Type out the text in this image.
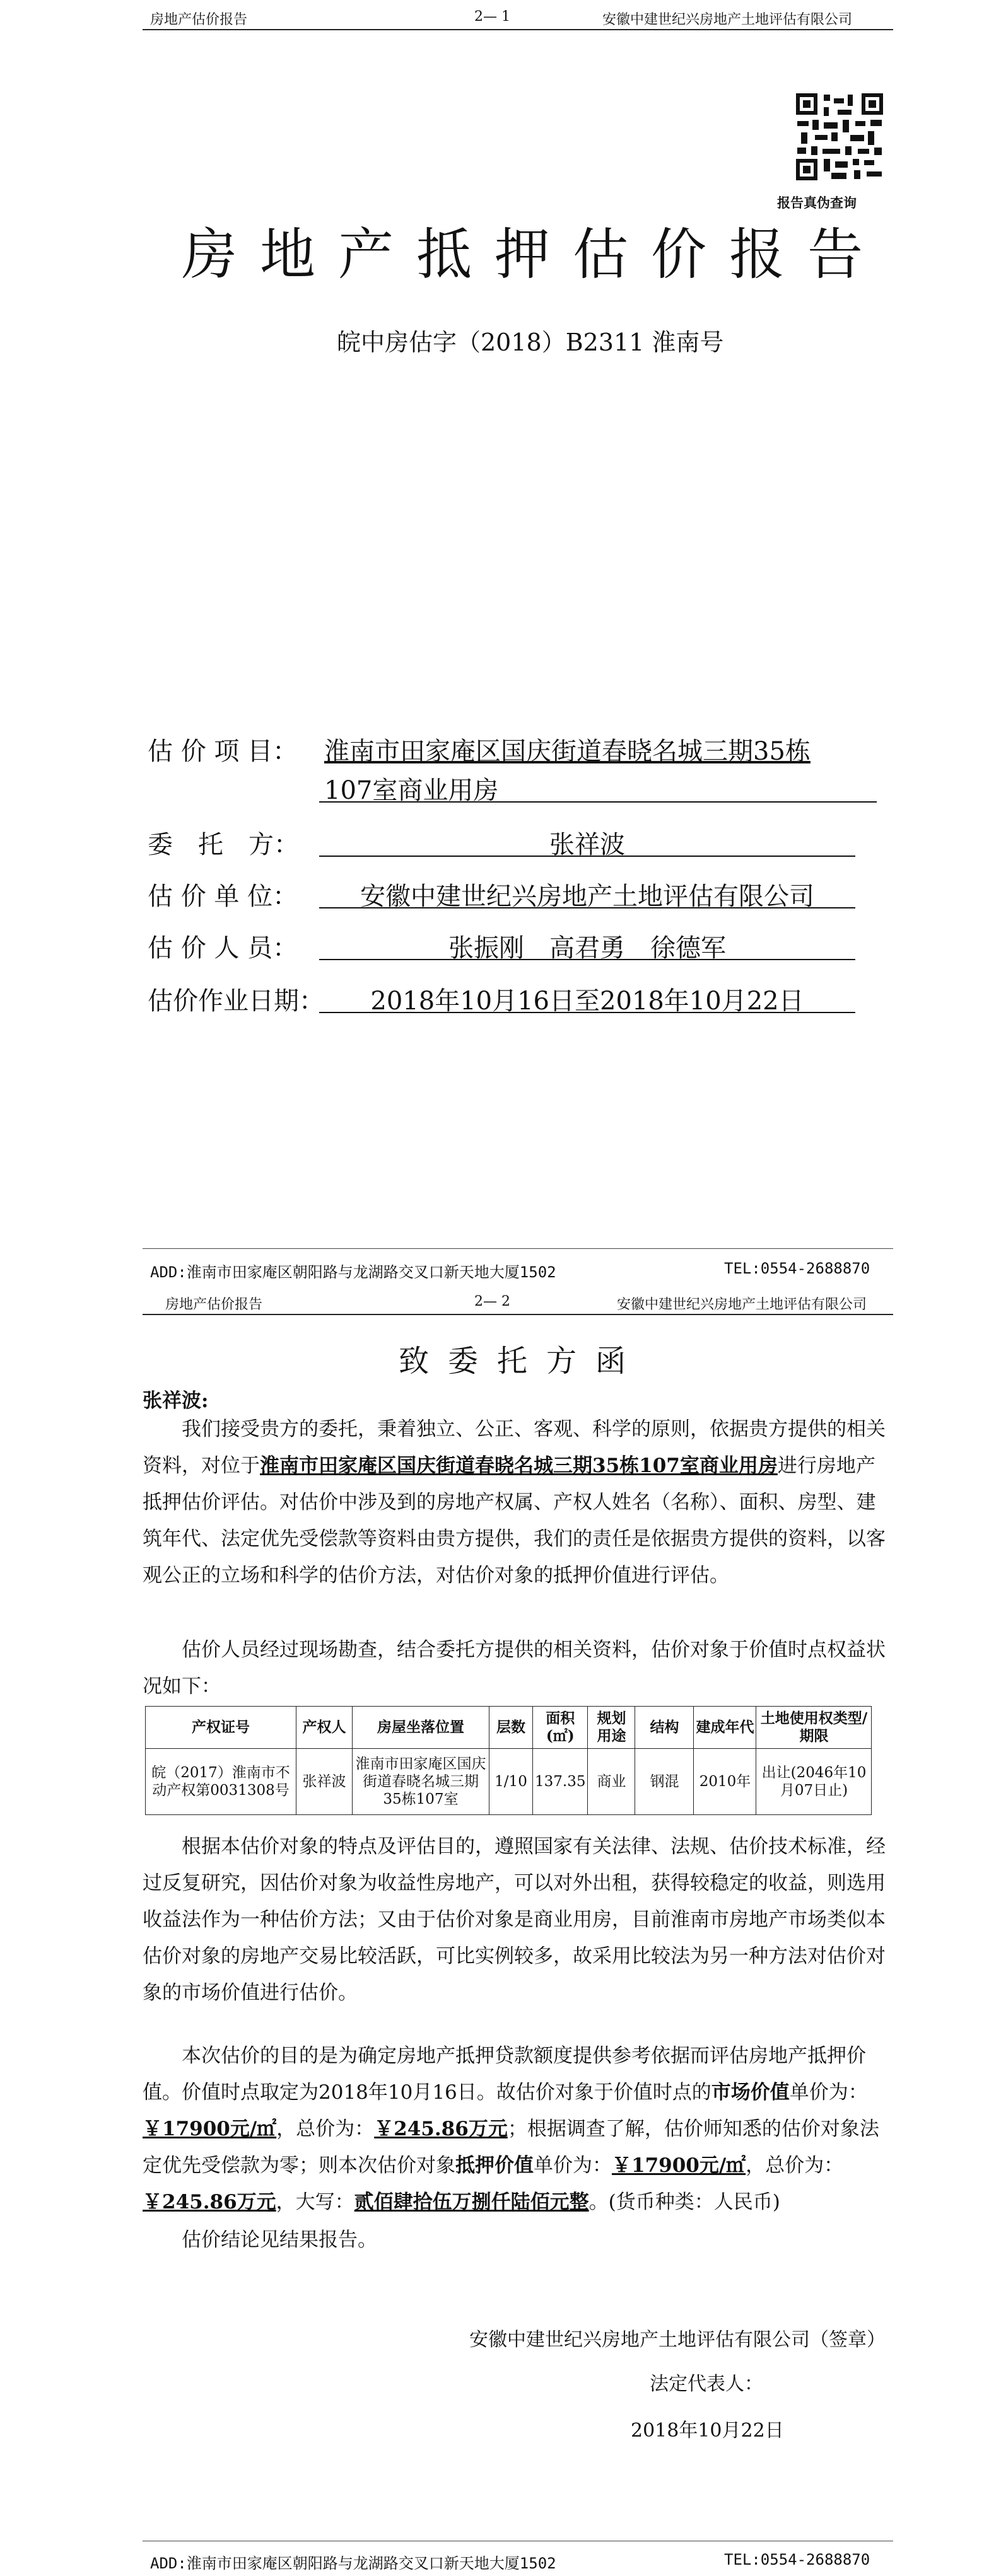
房地产估价报告	2— 1	安徽中建世纪兴房地产土地评估有限公司
报告真伪查询
房地产抵押估价报告
皖中房估字（2018）B2311 淮南号
估 价 项 目： 淮南市田家庵区国庆街道春晓名城三期35栋
107室商业用房
委　托　方：	张祥波
估 价 单 位：	安徽中建世纪兴房地产土地评估有限公司
估 价 人 员：	张振刚　高君勇　徐德军
估价作业日期：	2018年10月16日至2018年10月22日
ADD:淮南市田家庵区朝阳路与龙湖路交叉口新天地大厦1502	TEL:0554-2688870
房地产估价报告	2— 2	安徽中建世纪兴房地产土地评估有限公司
致委托方函
张祥波:
我们接受贵方的委托，秉着独立、公正、客观、科学的原则，依据贵方提供的相关资料，对位于淮南市田家庵区国庆街道春晓名城三期35栋107室商业用房进行房地产抵押估价评估。对估价中涉及到的房地产权属、产权人姓名（名称）、面积、房型、建筑年代、法定优先受偿款等资料由贵方提供，我们的责任是依据贵方提供的资料，以客观公正的立场和科学的估价方法，对估价对象的抵押价值进行评估。
估价人员经过现场勘查，结合委托方提供的相关资料，估价对象于价值时点权益状况如下：
产权证号	产权人	房屋坐落位置	层数	面积(㎡)	规划用途	结构	建成年代	土地使用权类型/期限
皖（2017）淮南市不动产权第0031308号	张祥波	淮南市田家庵区国庆街道春晓名城三期35栋107室	1/10	137.35	商业	钢混	2010年	出让(2046年10月07日止)
根据本估价对象的特点及评估目的，遵照国家有关法律、法规、估价技术标准，经过反复研究，因估价对象为收益性房地产，可以对外出租，获得较稳定的收益，则选用收益法作为一种估价方法；又由于估价对象是商业用房，目前淮南市房地产市场类似本估价对象的房地产交易比较活跃，可比实例较多，故采用比较法为另一种方法对估价对象的市场价值进行估价。
本次估价的目的是为确定房地产抵押贷款额度提供参考依据而评估房地产抵押价值。价值时点取定为2018年10月16日。故估价对象于价值时点的市场价值单价为：￥17900元/㎡，总价为：￥245.86万元；根据调查了解，估价师知悉的估价对象法定优先受偿款为零；则本次估价对象抵押价值单价为：￥17900元/㎡，总价为：￥245.86万元，大写：贰佰肆拾伍万捌仟陆佰元整。(货币种类：人民币)
估价结论见结果报告。
安徽中建世纪兴房地产土地评估有限公司（签章）
法定代表人：
2018年10月22日
ADD:淮南市田家庵区朝阳路与龙湖路交叉口新天地大厦1502	TEL:0554-2688870
